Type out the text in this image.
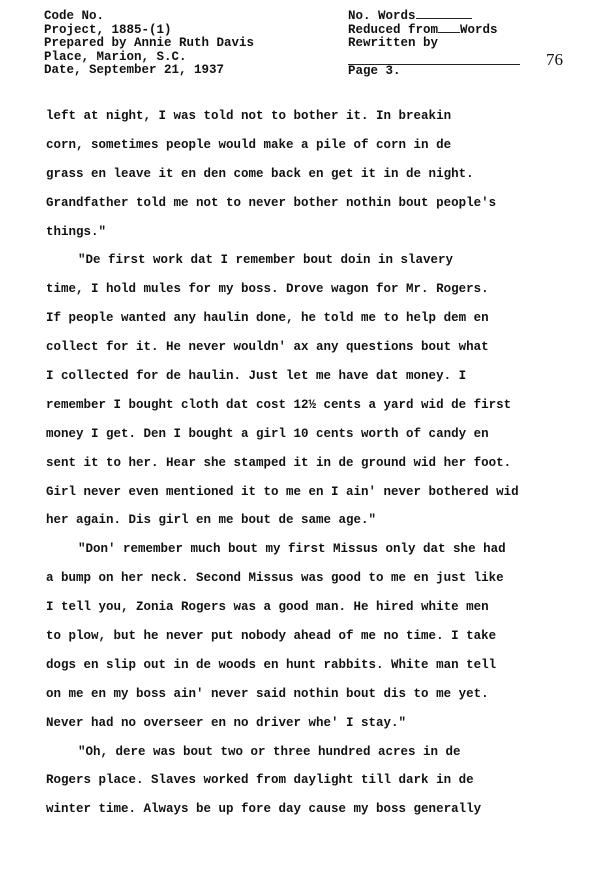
Code No.
Project, 1885-(1)
Prepared by Annie Ruth Davis
Place, Marion, S.C.
Date, September 21, 1937
No. Words
Reduced from Words
Rewritten by
Page 3.
76
left at night, I was told not to bother it. In breakin
corn, sometimes people would make a pile of corn in de
grass en leave it en den come back en get it in de night.
Grandfather told me not to never bother nothin bout people's
things."
"De first work dat I remember bout doin in slavery
time, I hold mules for my boss. Drove wagon for Mr. Rogers.
If people wanted any haulin done, he told me to help dem en
collect for it. He never wouldn' ax any questions bout what
I collected for de haulin. Just let me have dat money. I
remember I bought cloth dat cost 12½ cents a yard wid de first
money I get. Den I bought a girl 10 cents worth of candy en
sent it to her. Hear she stamped it in de ground wid her foot.
Girl never even mentioned it to me en I ain' never bothered wid
her again. Dis girl en me bout de same age."
"Don' remember much bout my first Missus only dat she had
a bump on her neck. Second Missus was good to me en just like
I tell you, Zonia Rogers was a good man. He hired white men
to plow, but he never put nobody ahead of me no time. I take
dogs en slip out in de woods en hunt rabbits. White man tell
on me en my boss ain' never said nothin bout dis to me yet.
Never had no overseer en no driver whe' I stay."
"Oh, dere was bout two or three hundred acres in de
Rogers place. Slaves worked from daylight till dark in de
winter time. Always be up fore day cause my boss generally
